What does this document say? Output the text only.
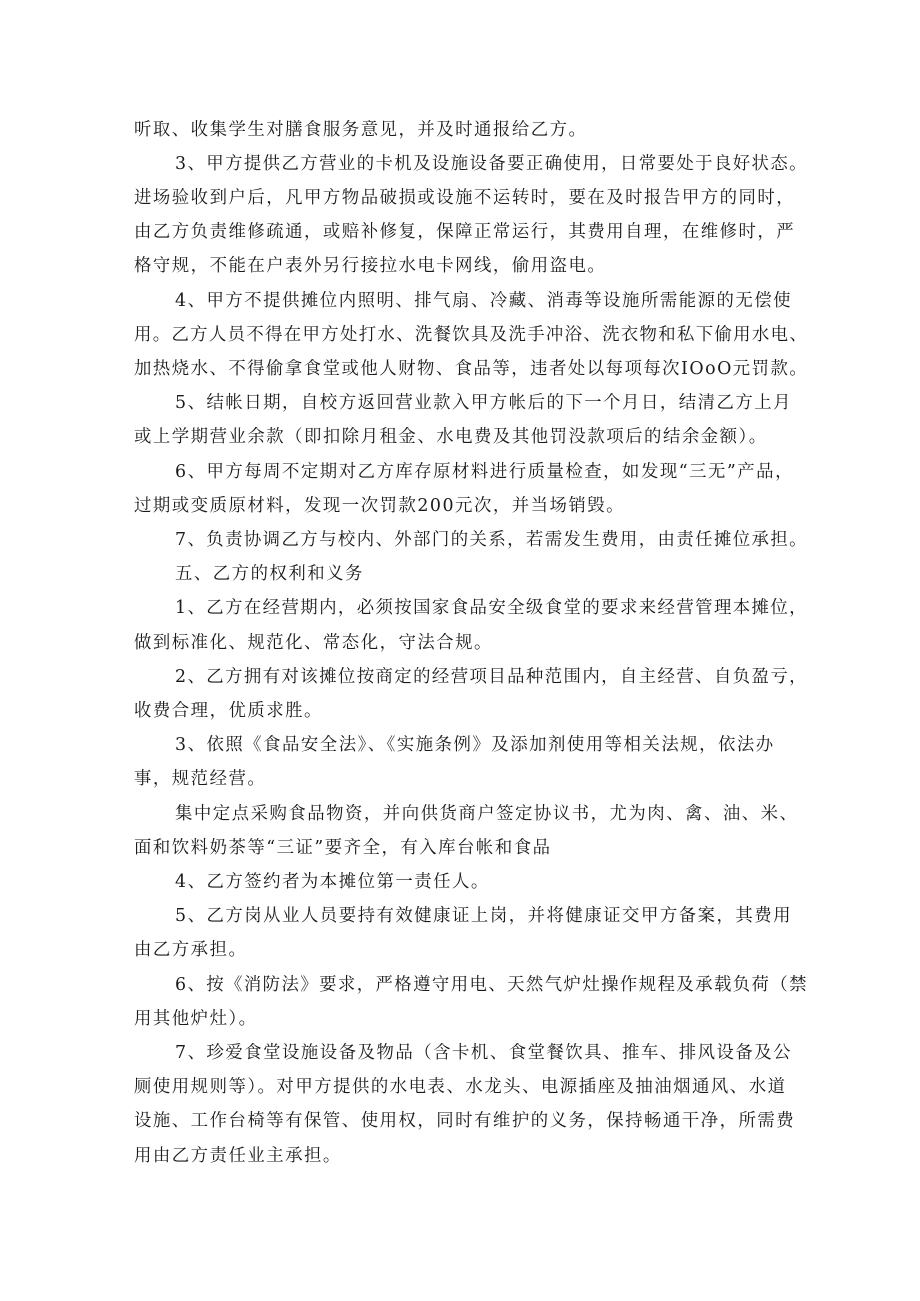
听取、收集学生对膳食服务意见，并及时通报给乙方。
3、甲方提供乙方营业的卡机及设施设备要正确使用，日常要处于良好状态。
进场验收到户后，凡甲方物品破损或设施不运转时，要在及时报告甲方的同时，
由乙方负责维修疏通，或赔补修复，保障正常运行，其费用自理，在维修时，严
格守规，不能在户表外另行接拉水电卡网线，偷用盗电。
4、甲方不提供摊位内照明、排气扇、冷藏、消毒等设施所需能源的无偿使
用。乙方人员不得在甲方处打水、洗餐饮具及洗手冲浴、洗衣物和私下偷用水电、
加热烧水、不得偷拿食堂或他人财物、食品等，违者处以每项每次IOoO元罚款。
5、结帐日期，自校方返回营业款入甲方帐后的下一个月日，结清乙方上月
或上学期营业余款（即扣除月租金、水电费及其他罚没款项后的结余金额）。
6、甲方每周不定期对乙方库存原材料进行质量检查，如发现“三无”产品，
过期或变质原材料，发现一次罚款200元次，并当场销毁。
7、负责协调乙方与校内、外部门的关系，若需发生费用，由责任摊位承担。
五、乙方的权利和义务
1、乙方在经营期内，必须按国家食品安全级食堂的要求来经营管理本摊位，
做到标准化、规范化、常态化，守法合规。
2、乙方拥有对该摊位按商定的经营项目品种范围内，自主经营、自负盈亏，
收费合理，优质求胜。
3、依照《食品安全法》、《实施条例》及添加剂使用等相关法规，依法办
事，规范经营。
集中定点采购食品物资，并向供货商户签定协议书，尤为肉、禽、油、米、
面和饮料奶茶等“三证”要齐全，有入库台帐和食品
4、乙方签约者为本摊位第一责任人。
5、乙方岗从业人员要持有效健康证上岗，并将健康证交甲方备案，其费用
由乙方承担。
6、按《消防法》要求，严格遵守用电、天然气炉灶操作规程及承载负荷（禁
用其他炉灶）。
7、珍爱食堂设施设备及物品（含卡机、食堂餐饮具、推车、排风设备及公
厕使用规则等）。对甲方提供的水电表、水龙头、电源插座及抽油烟通风、水道
设施、工作台椅等有保管、使用权，同时有维护的义务，保持畅通干净，所需费
用由乙方责任业主承担。
